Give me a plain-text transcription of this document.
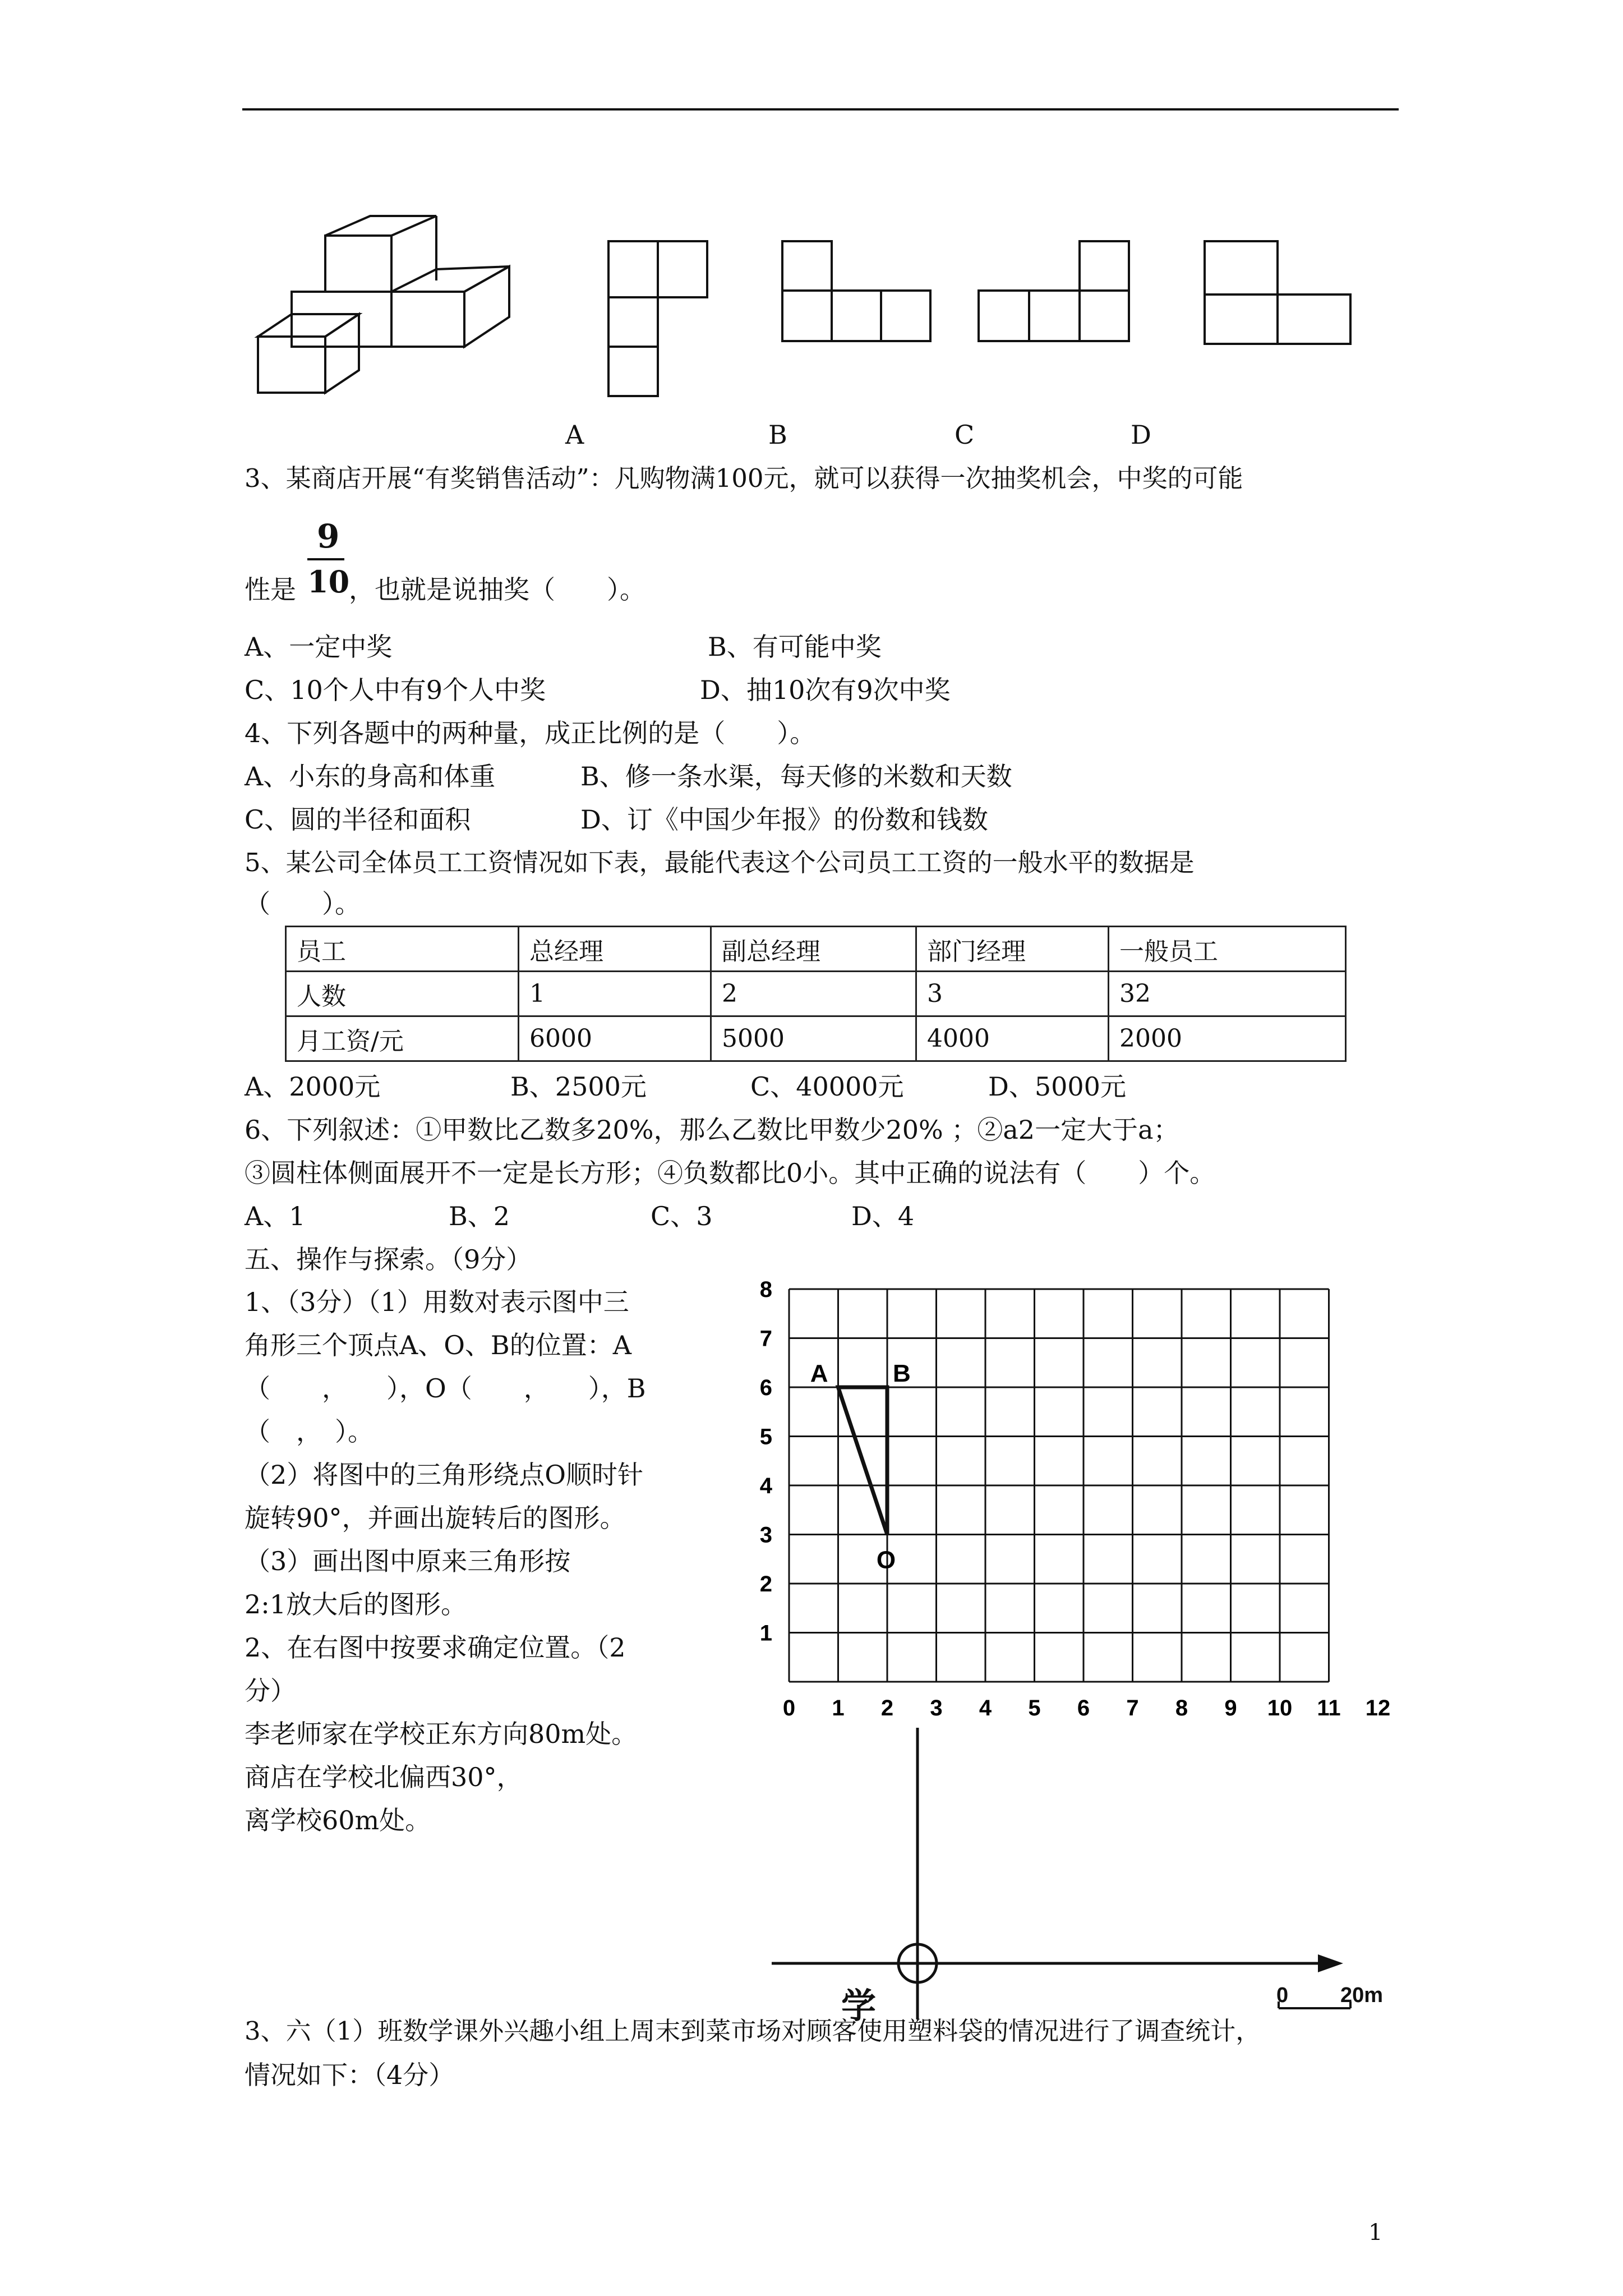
A	B	C	D
3、某商店开展“有奖销售活动”：凡购物满100元，就可以获得一次抽奖机会，中奖的可能
9
10
性是 ，也就是说抽奖（　　）。
A、一定中奖	B、有可能中奖
C、10个人中有9个人中奖	D、抽10次有9次中奖
4、下列各题中的两种量，成正比例的是（　　）。
A、小东的身高和体重	B、修一条水渠，每天修的米数和天数
C、圆的半径和面积	D、订《中国少年报》的份数和钱数
5、某公司全体员工工资情况如下表，最能代表这个公司员工工资的一般水平的数据是
（　　）。
员工	总经理	副总经理	部门经理	一般员工
人数	1	2	3	32
月工资/元	6000	5000	4000	2000
A、2000元	B、2500元	C、40000元	D、5000元
6、下列叙述：①甲数比乙数多20%，那么乙数比甲数少20% ；②a2一定大于a；
③圆柱体侧面展开不一定是长方形；④负数都比0小。其中正确的说法有（　　）个。
A、1	B、2	C、3	D、4
五、操作与探索。（9分）
1、（3分）（1）用数对表示图中三
角形三个顶点A、O、B的位置：A
（　　，　　），O（　　，　　），B
（　，　）。
（2）将图中的三角形绕点O顺时针
旋转90°，并画出旋转后的图形。
（3）画出图中原来三角形按
2:1放大后的图形。
2、在右图中按要求确定位置。（2
分）
李老师家在学校正东方向80m处。
商店在学校北偏西30°，
离学校60m处。
0 1 2 3 4 5 6 7 8 9 10 11 12
1
2
3
4
5
6
7
8
A	B
O
学	0 20m
3、六（1）班数学课外兴趣小组上周末到菜市场对顾客使用塑料袋的情况进行了调查统计，
情况如下：（4分）
1
